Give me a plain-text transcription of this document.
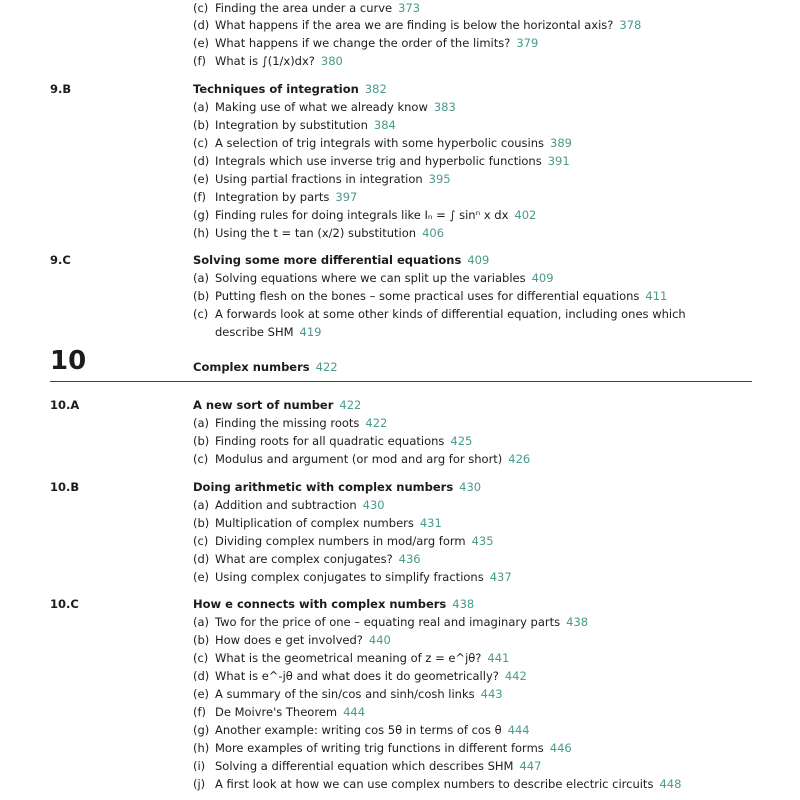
(c) Finding the area under a curve 373
(d) What happens if the area we are finding is below the horizontal axis? 378
(e) What happens if we change the order of the limits? 379
(f) What is ∫(1/x)dx? 380
9.B	Techniques of integration 382
(a) Making use of what we already know 383
(b) Integration by substitution 384
(c) A selection of trig integrals with some hyperbolic cousins 389
(d) Integrals which use inverse trig and hyperbolic functions 391
(e) Using partial fractions in integration 395
(f) Integration by parts 397
(g) Finding rules for doing integrals like Iₙ = ∫ sinⁿ x dx 402
(h) Using the t = tan (x/2) substitution 406
9.C	Solving some more differential equations 409
(a) Solving equations where we can split up the variables 409
(b) Putting flesh on the bones – some practical uses for differential equations 411
(c) A forwards look at some other kinds of differential equation, including ones which
describe SHM 419
10	Complex numbers 422
10.A	A new sort of number 422
(a) Finding the missing roots 422
(b) Finding roots for all quadratic equations 425
(c) Modulus and argument (or mod and arg for short) 426
10.B	Doing arithmetic with complex numbers 430
(a) Addition and subtraction 430
(b) Multiplication of complex numbers 431
(c) Dividing complex numbers in mod/arg form 435
(d) What are complex conjugates? 436
(e) Using complex conjugates to simplify fractions 437
10.C	How e connects with complex numbers 438
(a) Two for the price of one – equating real and imaginary parts 438
(b) How does e get involved? 440
(c) What is the geometrical meaning of z = e^jθ? 441
(d) What is e^-jθ and what does it do geometrically? 442
(e) A summary of the sin/cos and sinh/cosh links 443
(f) De Moivre's Theorem 444
(g) Another example: writing cos 5θ in terms of cos θ 444
(h) More examples of writing trig functions in different forms 446
(i) Solving a differential equation which describes SHM 447
(j) A first look at how we can use complex numbers to describe electric circuits 448
